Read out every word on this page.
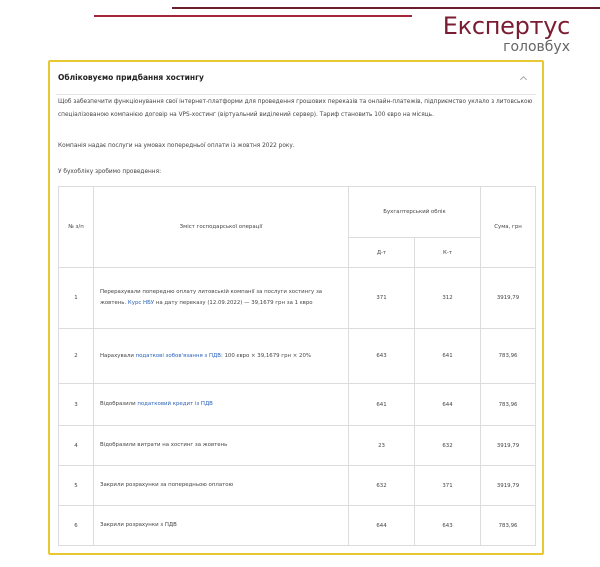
Експертус
головбух
Обліковуємо придбання хостингу
Щоб забезпечити функціонування свої інтернет-платформи для проведення грошових переказів та онлайн-платежів, підприємство уклало з литовською спеціалізованою компанією договір на VPS-хостинг (віртуальний виділений сервер). Тариф становить 100 євро на місяць.
Компанія надає послуги на умовах попередньої оплати із жовтня 2022 року.
У бухобліку зробимо проведення:
№ з/п	Зміст господарської операції	Бухгалтерський облік		Сума, грн
		Д-т	К-т	
1	Перерахували попередню оплату литовській компанії за послуги хостингу за жовтень. Курс НБУ на дату переказу (12.09.2022) — 39,1679 грн за 1 євро	371	312	3919,79
2	Нарахували податкові зобов'язання з ПДВ: 100 євро × 39,1679 грн × 20%	643	641	783,96
3	Відобразили податковий кредит із ПДВ	641	644	783,96
4	Відобразили витрати на хостинг за жовтень	23	632	3919,79
5	Закрили розрахунки за попередньою оплатою	632	371	3919,79
6	Закрили розрахунки з ПДВ	644	643	783,96
